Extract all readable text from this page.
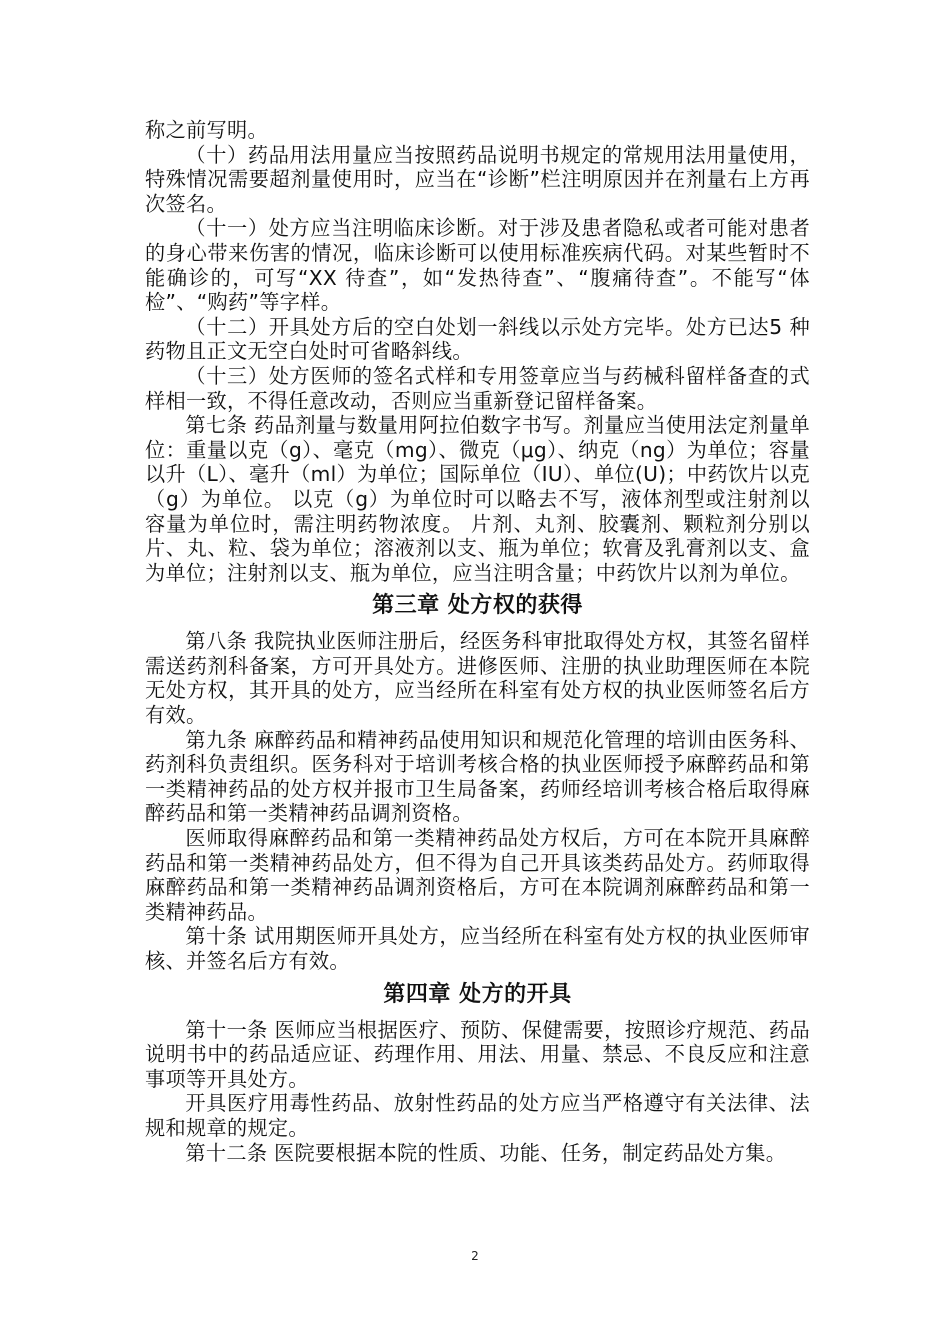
称之前写明。

（十）药品用法用量应当按照药品说明书规定的常规用法用量使用，特殊情况需要超剂量使用时，应当在“诊断”栏注明原因并在剂量右上方再次签名。

（十一）处方应当注明临床诊断。对于涉及患者隐私或者可能对患者的身心带来伤害的情况，临床诊断可以使用标准疾病代码。对某些暂时不能确诊的，可写“XX 待查”，如“发热待查”、“腹痛待查”。不能写“体检”、“购药”等字样。

（十二）开具处方后的空白处划一斜线以示处方完毕。处方已达5 种药物且正文无空白处时可省略斜线。

（十三）处方医师的签名式样和专用签章应当与药械科留样备查的式样相一致，不得任意改动，否则应当重新登记留样备案。

第七条 药品剂量与数量用阿拉伯数字书写。剂量应当使用法定剂量单位：重量以克（g）、毫克（mg）、微克（μg）、纳克（ng）为单位；容量以升（L）、毫升（ml）为单位；国际单位（IU）、单位(U)；中药饮片以克（g）为单位。 以克（g）为单位时可以略去不写，液体剂型或注射剂以容量为单位时，需注明药物浓度。 片剂、丸剂、胶囊剂、颗粒剂分别以片、丸、粒、袋为单位；溶液剂以支、瓶为单位；软膏及乳膏剂以支、盒为单位；注射剂以支、瓶为单位，应当注明含量；中药饮片以剂为单位。

第三章 处方权的获得

第八条 我院执业医师注册后，经医务科审批取得处方权，其签名留样需送药剂科备案，方可开具处方。进修医师、注册的执业助理医师在本院无处方权，其开具的处方，应当经所在科室有处方权的执业医师签名后方有效。

第九条 麻醉药品和精神药品使用知识和规范化管理的培训由医务科、药剂科负责组织。医务科对于培训考核合格的执业医师授予麻醉药品和第一类精神药品的处方权并报市卫生局备案，药师经培训考核合格后取得麻醉药品和第一类精神药品调剂资格。

医师取得麻醉药品和第一类精神药品处方权后，方可在本院开具麻醉药品和第一类精神药品处方，但不得为自己开具该类药品处方。药师取得麻醉药品和第一类精神药品调剂资格后，方可在本院调剂麻醉药品和第一类精神药品。

第十条 试用期医师开具处方，应当经所在科室有处方权的执业医师审核、并签名后方有效。

第四章 处方的开具

第十一条 医师应当根据医疗、预防、保健需要，按照诊疗规范、药品说明书中的药品适应证、药理作用、用法、用量、禁忌、不良反应和注意事项等开具处方。

开具医疗用毒性药品、放射性药品的处方应当严格遵守有关法律、法规和规章的规定。

第十二条 医院要根据本院的性质、功能、任务，制定药品处方集。

2
